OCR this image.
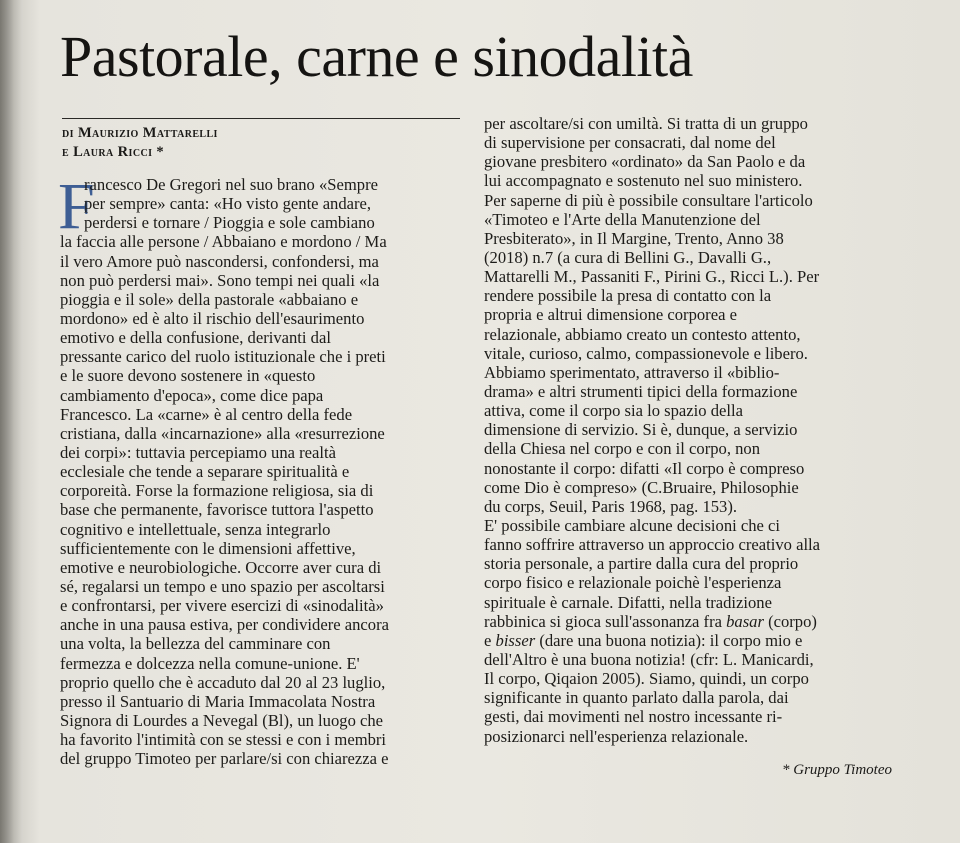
Pastorale, carne e sinodalità
di Maurizio Mattarelli
e Laura Ricci *
F
rancesco De Gregori nel suo brano «Sempre
per sempre» canta: «Ho visto gente andare,
perdersi e tornare / Pioggia e sole cambiano
la faccia alle persone / Abbaiano e mordono / Ma
il vero Amore può nascondersi, confondersi, ma
non può perdersi mai». Sono tempi nei quali «la
pioggia e il sole» della pastorale «abbaiano e
mordono» ed è alto il rischio dell'esaurimento
emotivo e della confusione, derivanti dal
pressante carico del ruolo istituzionale che i preti
e le suore devono sostenere in «questo
cambiamento d'epoca», come dice papa
Francesco. La «carne» è al centro della fede
cristiana, dalla «incarnazione» alla «resurrezione
dei corpi»: tuttavia percepiamo una realtà
ecclesiale che tende a separare spiritualità e
corporeità. Forse la formazione religiosa, sia di
base che permanente, favorisce tuttora l'aspetto
cognitivo e intellettuale, senza integrarlo
sufficientemente con le dimensioni affettive,
emotive e neurobiologiche. Occorre aver cura di
sé, regalarsi un tempo e uno spazio per ascoltarsi
e confrontarsi, per vivere esercizi di «sinodalità»
anche in una pausa estiva, per condividere ancora
una volta, la bellezza del camminare con
fermezza e dolcezza nella comune-unione. E'
proprio quello che è accaduto dal 20 al 23 luglio,
presso il Santuario di Maria Immacolata Nostra
Signora di Lourdes a Nevegal (Bl), un luogo che
ha favorito l'intimità con se stessi e con i membri
del gruppo Timoteo per parlare/si con chiarezza e
per ascoltare/si con umiltà. Si tratta di un gruppo
di supervisione per consacrati, dal nome del
giovane presbitero «ordinato» da San Paolo e da
lui accompagnato e sostenuto nel suo ministero.
Per saperne di più è possibile consultare l'articolo
«Timoteo e l'Arte della Manutenzione del
Presbiterato», in Il Margine, Trento, Anno 38
(2018) n.7 (a cura di Bellini G., Davalli G.,
Mattarelli M., Passaniti F., Pirini G., Ricci L.). Per
rendere possibile la presa di contatto con la
propria e altrui dimensione corporea e
relazionale, abbiamo creato un contesto attento,
vitale, curioso, calmo, compassionevole e libero.
Abbiamo sperimentato, attraverso il «biblio-
drama» e altri strumenti tipici della formazione
attiva, come il corpo sia lo spazio della
dimensione di servizio. Si è, dunque, a servizio
della Chiesa nel corpo e con il corpo, non
nonostante il corpo: difatti «Il corpo è compreso
come Dio è compreso» (C.Bruaire, Philosophie
du corps, Seuil, Paris 1968, pag. 153).
E' possibile cambiare alcune decisioni che ci
fanno soffrire attraverso un approccio creativo alla
storia personale, a partire dalla cura del proprio
corpo fisico e relazionale poichè l'esperienza
spirituale è carnale. Difatti, nella tradizione
rabbinica si gioca sull'assonanza fra basar (corpo)
e bisser (dare una buona notizia): il corpo mio e
dell'Altro è una buona notizia! (cfr: L. Manicardi,
Il corpo, Qiqaion 2005). Siamo, quindi, un corpo
significante in quanto parlato dalla parola, dai
gesti, dai movimenti nel nostro incessante ri-
posizionarci nell'esperienza relazionale.
* Gruppo Timoteo
